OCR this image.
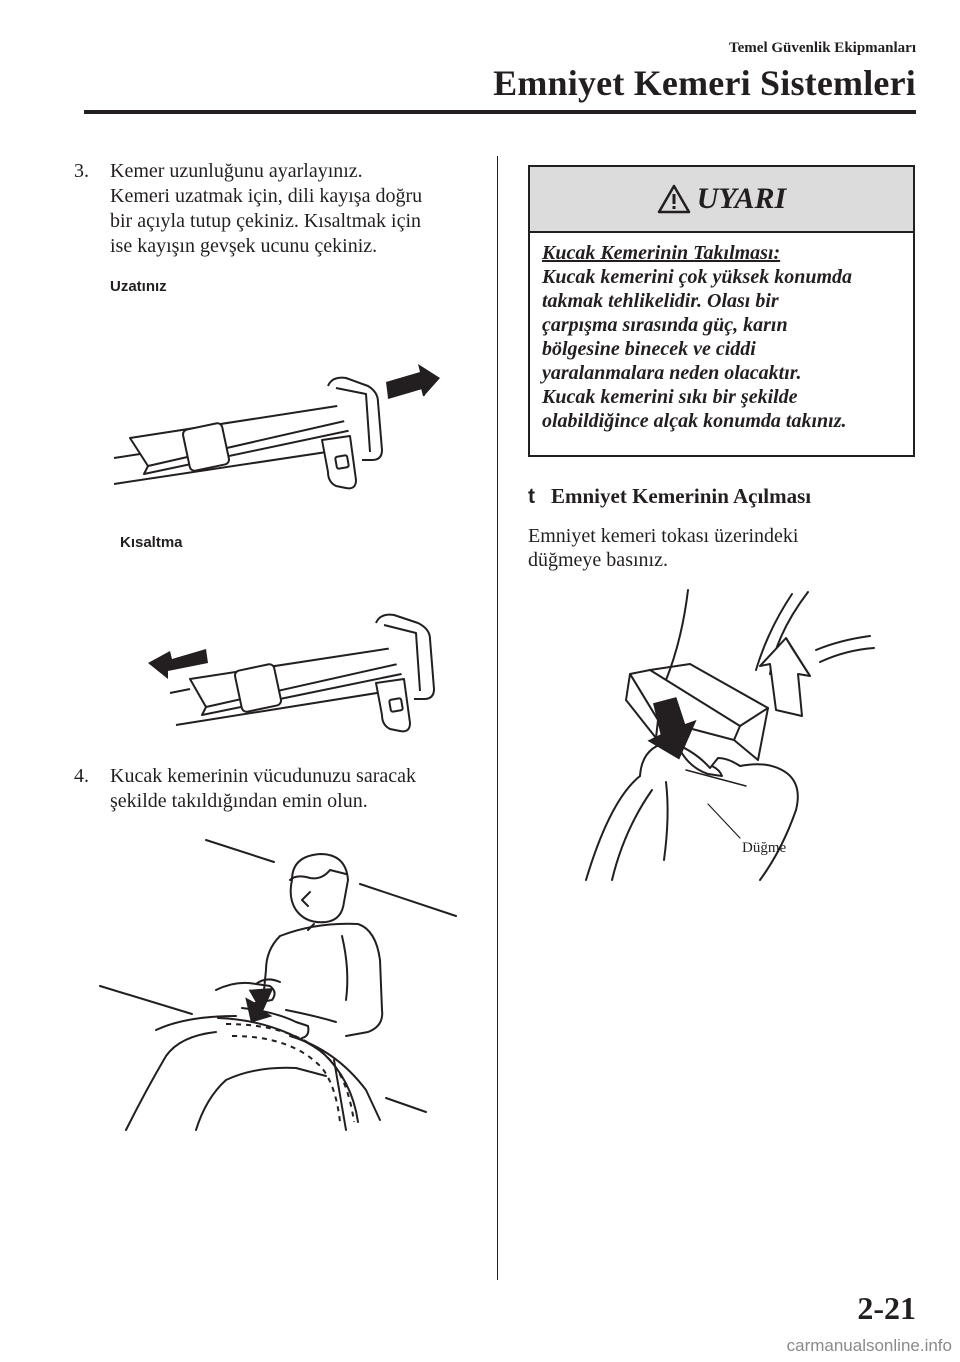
Temel Güvenlik Ekipmanları
Emniyet Kemeri Sistemleri
3. Kemer uzunluğunu ayarlayınız.
Kemeri uzatmak için, dili kayışa doğru
bir açıyla tutup çekiniz. Kısaltmak için
ise kayışın gevşek ucunu çekiniz.
Uzatınız
Kısaltma
4. Kucak kemerinin vücudunuzu saracak
şekilde takıldığından emin olun.
UYARI
Kucak Kemerinin Takılması:
Kucak kemerini çok yüksek konumda
takmak tehlikelidir. Olası bir
çarpışma sırasında güç, karın
bölgesine binecek ve ciddi
yaralanmalara neden olacaktır.
Kucak kemerini sıkı bir şekilde
olabildiğince alçak konumda takınız.
t Emniyet Kemerinin Açılması
Emniyet kemeri tokası üzerindeki
düğmeye basınız.
Düğme
2-21
carmanualsonline.info
